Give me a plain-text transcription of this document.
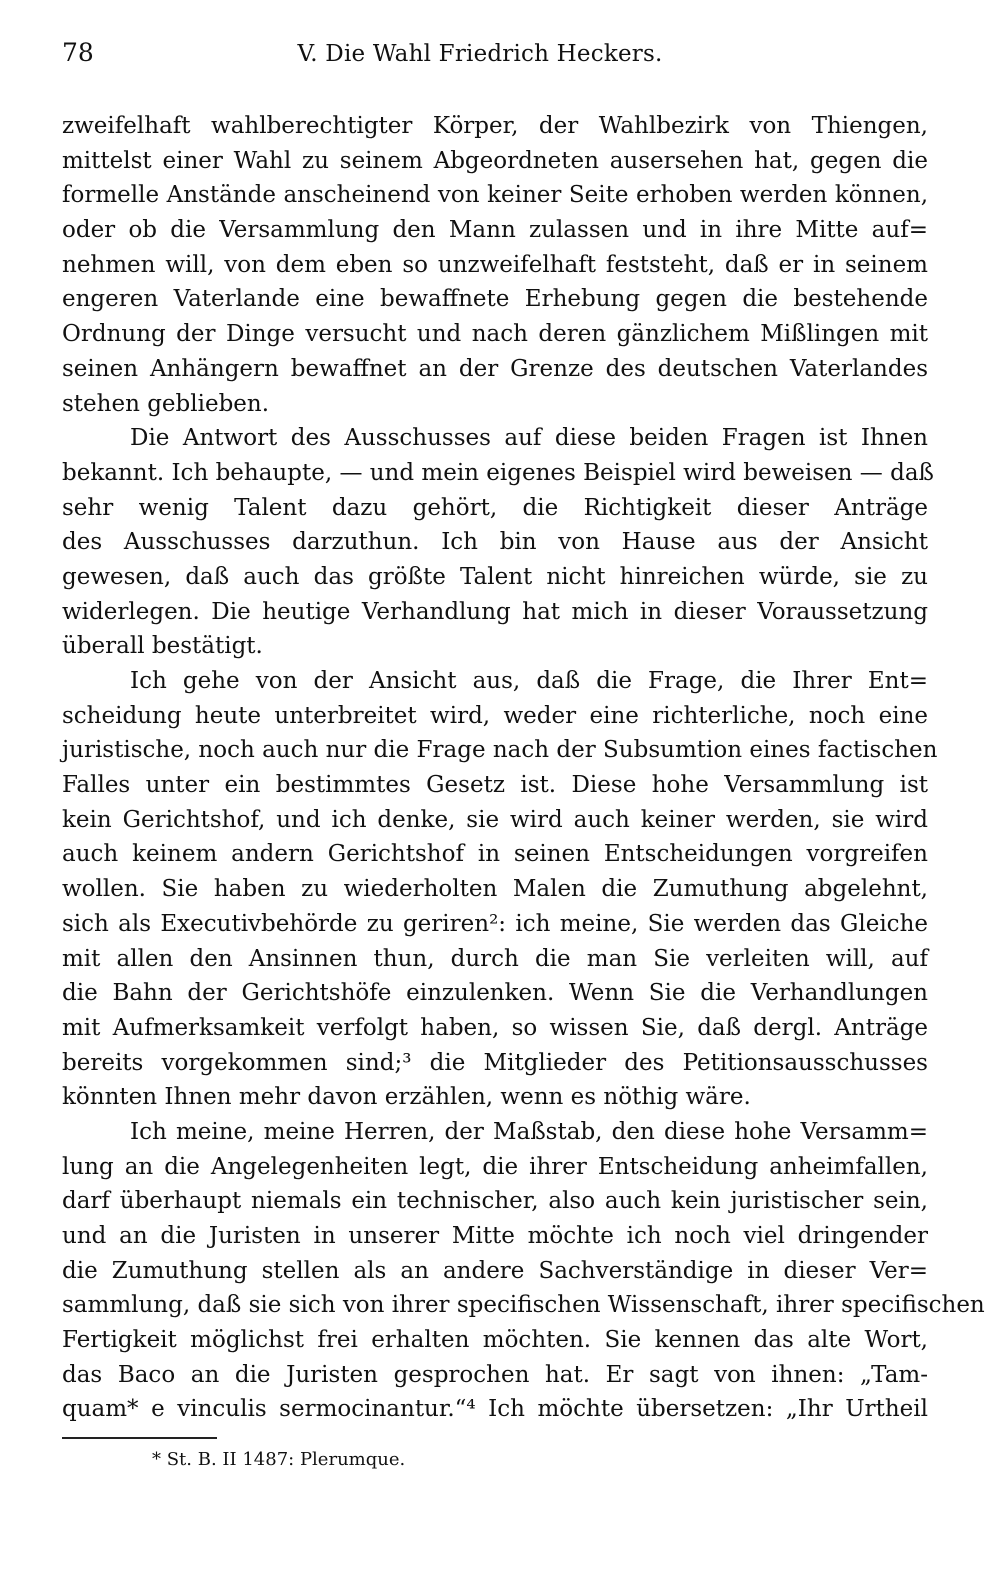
78	V. Die Wahl Friedrich Heckers.
zweifelhaft wahlberechtigter Körper, der Wahlbezirk von Thiengen,
mittelst einer Wahl zu seinem Abgeordneten ausersehen hat, gegen die
formelle Anstände anscheinend von keiner Seite erhoben werden können,
oder ob die Versammlung den Mann zulassen und in ihre Mitte auf=
nehmen will, von dem eben so unzweifelhaft feststeht, daß er in seinem
engeren Vaterlande eine bewaffnete Erhebung gegen die bestehende
Ordnung der Dinge versucht und nach deren gänzlichem Mißlingen mit
seinen Anhängern bewaffnet an der Grenze des deutschen Vaterlandes
stehen geblieben.
Die Antwort des Ausschusses auf diese beiden Fragen ist Ihnen
bekannt. Ich behaupte, — und mein eigenes Beispiel wird beweisen — daß
sehr wenig Talent dazu gehört, die Richtigkeit dieser Anträge
des Ausschusses darzuthun. Ich bin von Hause aus der Ansicht
gewesen, daß auch das größte Talent nicht hinreichen würde, sie zu
widerlegen. Die heutige Verhandlung hat mich in dieser Voraussetzung
überall bestätigt.
Ich gehe von der Ansicht aus, daß die Frage, die Ihrer Ent=
scheidung heute unterbreitet wird, weder eine richterliche, noch eine
juristische, noch auch nur die Frage nach der Subsumtion eines factischen
Falles unter ein bestimmtes Gesetz ist. Diese hohe Versammlung ist
kein Gerichtshof, und ich denke, sie wird auch keiner werden, sie wird
auch keinem andern Gerichtshof in seinen Entscheidungen vorgreifen
wollen. Sie haben zu wiederholten Malen die Zumuthung abgelehnt,
sich als Executivbehörde zu geriren²: ich meine, Sie werden das Gleiche
mit allen den Ansinnen thun, durch die man Sie verleiten will, auf
die Bahn der Gerichtshöfe einzulenken. Wenn Sie die Verhandlungen
mit Aufmerksamkeit verfolgt haben, so wissen Sie, daß dergl. Anträge
bereits vorgekommen sind;³ die Mitglieder des Petitionsausschusses
könnten Ihnen mehr davon erzählen, wenn es nöthig wäre.
Ich meine, meine Herren, der Maßstab, den diese hohe Versamm=
lung an die Angelegenheiten legt, die ihrer Entscheidung anheimfallen,
darf überhaupt niemals ein technischer, also auch kein juristischer sein,
und an die Juristen in unserer Mitte möchte ich noch viel dringender
die Zumuthung stellen als an andere Sachverständige in dieser Ver=
sammlung, daß sie sich von ihrer specifischen Wissenschaft, ihrer specifischen
Fertigkeit möglichst frei erhalten möchten. Sie kennen das alte Wort,
das Baco an die Juristen gesprochen hat. Er sagt von ihnen: „Tam-
quam* e vinculis sermocinantur.“⁴ Ich möchte übersetzen: „Ihr Urtheil
* St. B. II 1487: Plerumque.
